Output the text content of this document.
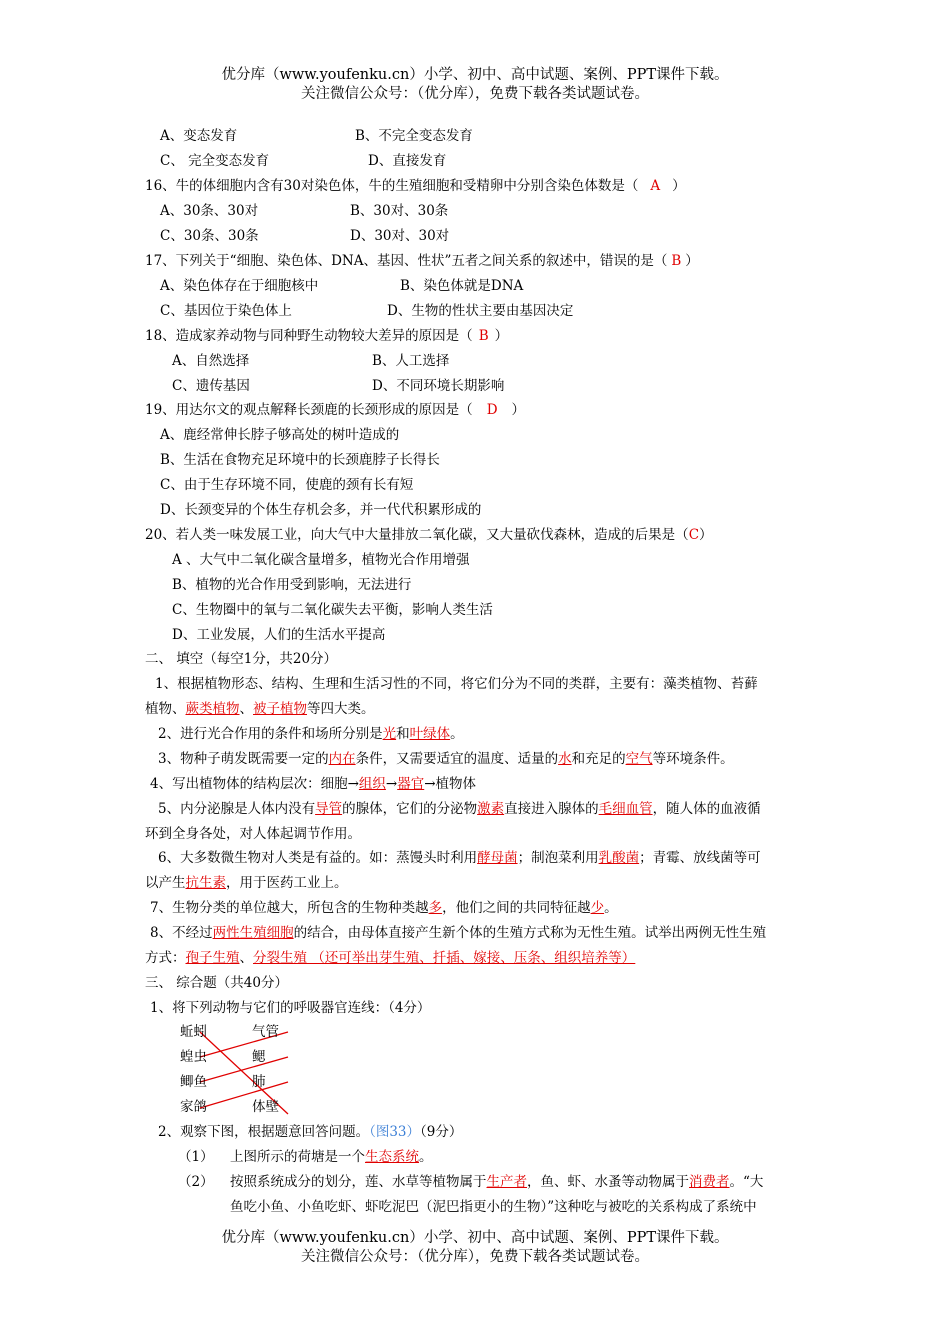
优分库（www.youfenku.cn）小学、初中、高中试题、案例、PPT课件下载。
关注微信公众号：（优分库），免费下载各类试题试卷。
A、变态发育	B、不完全变态发育
C、 完全变态发育	D、直接发育
16、牛的体细胞内含有30对染色体，牛的生殖细胞和受精卵中分别含染色体数是（ A ）
A、30条、30对	B、30对、30条
C、30条、30条	D、30对、30对
17、下列关于“细胞、染色体、DNA、基因、性状”五者之间关系的叙述中，错误的是（ B ）
A、染色体存在于细胞核中	B、染色体就是DNA
C、基因位于染色体上	D、生物的性状主要由基因决定
18、造成家养动物与同种野生动物较大差异的原因是（ B ）
A、自然选择	B、人工选择
C、遗传基因	D、不同环境长期影响
19、用达尔文的观点解释长颈鹿的长颈形成的原因是（ D ）
A、鹿经常伸长脖子够高处的树叶造成的
B、生活在食物充足环境中的长颈鹿脖子长得长
C、由于生存环境不同，使鹿的颈有长有短
D、长颈变异的个体生存机会多，并一代代积累形成的
20、若人类一味发展工业，向大气中大量排放二氧化碳，又大量砍伐森林，造成的后果是（C）
A 、大气中二氧化碳含量增多，植物光合作用增强
B、植物的光合作用受到影响，无法进行
C、生物圈中的氧与二氧化碳失去平衡，影响人类生活
D、工业发展，人们的生活水平提高
二、 填空（每空1分，共20分）
1、根据植物形态、结构、生理和生活习性的不同，将它们分为不同的类群，主要有：藻类植物、苔藓
植物、蕨类植物、被子植物等四大类。
2、进行光合作用的条件和场所分别是光和叶绿体。
3、物种子萌发既需要一定的内在条件，又需要适宜的温度、适量的水和充足的空气等环境条件。
4、写出植物体的结构层次：细胞→组织→器官→植物体
5、内分泌腺是人体内没有导管的腺体，它们的分泌物激素直接进入腺体的毛细血管，随人体的血液循
环到全身各处，对人体起调节作用。
6、大多数微生物对人类是有益的。如：蒸馒头时利用酵母菌；制泡菜利用乳酸菌；青霉、放线菌等可
以产生抗生素，用于医药工业上。
7、生物分类的单位越大，所包含的生物种类越多，他们之间的共同特征越少。
8、不经过两性生殖细胞的结合，由母体直接产生新个体的生殖方式称为无性生殖。试举出两例无性生殖
方式：孢子生殖、分裂生殖 （还可举出芽生殖、扦插、嫁接、压条、组织培养等）
三、 综合题（共40分）
1、将下列动物与它们的呼吸器官连线：（4分）
蚯蚓
蝗虫
鲫鱼
家鸽
气管
鳃
肺
体壁
2、观察下图，根据题意回答问题。（图33）（9分）
（1） 上图所示的荷塘是一个生态系统。
（2） 按照系统成分的划分，莲、水草等植物属于生产者，鱼、虾、水蚤等动物属于消费者。“大
鱼吃小鱼、小鱼吃虾、虾吃泥巴（泥巴指更小的生物）”这种吃与被吃的关系构成了系统中
优分库（www.youfenku.cn）小学、初中、高中试题、案例、PPT课件下载。
关注微信公众号：（优分库），免费下载各类试题试卷。
